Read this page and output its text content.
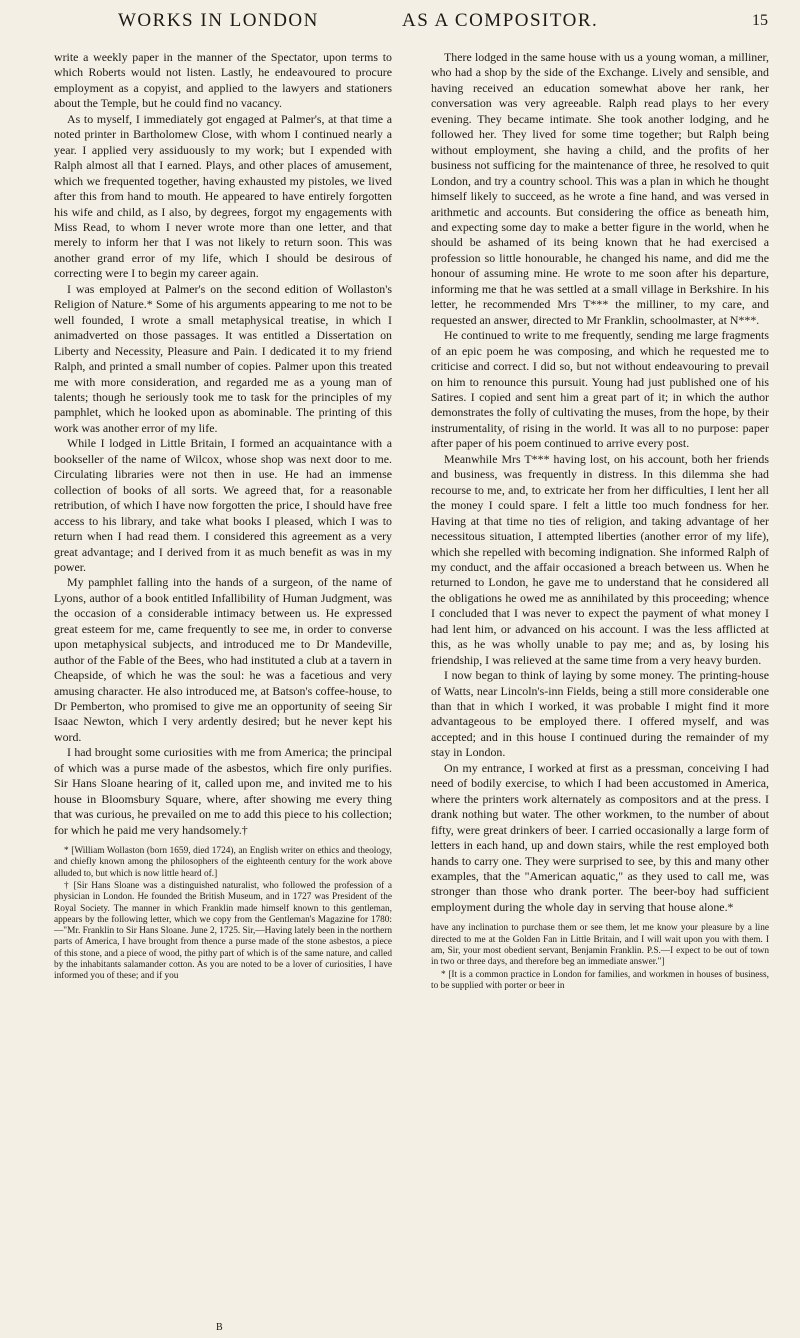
WORKS IN LONDON	AS A COMPOSITOR.	15

write a weekly paper in the manner of the Spectator, upon terms to which Roberts would not listen. Lastly, he endeavoured to procure employment as a copyist, and applied to the lawyers and stationers about the Temple, but he could find no vacancy.

As to myself, I immediately got engaged at Palmer's, at that time a noted printer in Bartholomew Close, with whom I continued nearly a year. I applied very assiduously to my work; but I expended with Ralph almost all that I earned. Plays, and other places of amusement, which we frequented together, having exhausted my pistoles, we lived after this from hand to mouth. He appeared to have entirely forgotten his wife and child, as I also, by degrees, forgot my engagements with Miss Read, to whom I never wrote more than one letter, and that merely to inform her that I was not likely to return soon. This was another grand error of my life, which I should be desirous of correcting were I to begin my career again.

I was employed at Palmer's on the second edition of Wollaston's Religion of Nature.* Some of his arguments appearing to me not to be well founded, I wrote a small metaphysical treatise, in which I animadverted on those passages. It was entitled a Dissertation on Liberty and Necessity, Pleasure and Pain. I dedicated it to my friend Ralph, and printed a small number of copies. Palmer upon this treated me with more consideration, and regarded me as a young man of talents; though he seriously took me to task for the principles of my pamphlet, which he looked upon as abominable. The printing of this work was another error of my life.

While I lodged in Little Britain, I formed an acquaintance with a bookseller of the name of Wilcox, whose shop was next door to me. Circulating libraries were not then in use. He had an immense collection of books of all sorts. We agreed that, for a reasonable retribution, of which I have now forgotten the price, I should have free access to his library, and take what books I pleased, which I was to return when I had read them. I considered this agreement as a very great advantage; and I derived from it as much benefit as was in my power.

My pamphlet falling into the hands of a surgeon, of the name of Lyons, author of a book entitled Infallibility of Human Judgment, was the occasion of a considerable intimacy between us. He expressed great esteem for me, came frequently to see me, in order to converse upon metaphysical subjects, and introduced me to Dr Mandeville, author of the Fable of the Bees, who had instituted a club at a tavern in Cheapside, of which he was the soul: he was a facetious and very amusing character. He also introduced me, at Batson's coffee-house, to Dr Pemberton, who promised to give me an opportunity of seeing Sir Isaac Newton, which I very ardently desired; but he never kept his word.

I had brought some curiosities with me from America; the principal of which was a purse made of the asbestos, which fire only purifies. Sir Hans Sloane hearing of it, called upon me, and invited me to his house in Bloomsbury Square, where, after showing me every thing that was curious, he prevailed on me to add this piece to his collection; for which he paid me very handsomely.†

* [William Wollaston (born 1659, died 1724), an English writer on ethics and theology, and chiefly known among the philosophers of the eighteenth century for the work above alluded to, but which is now little heard of.]

† [Sir Hans Sloane was a distinguished naturalist, who followed the profession of a physician in London. He founded the British Museum, and in 1727 was President of the Royal Society. The manner in which Franklin made himself known to this gentleman, appears by the following letter, which we copy from the Gentleman's Magazine for 1780:—"Mr. Franklin to Sir Hans Sloane. June 2, 1725. Sir,—Having lately been in the northern parts of America, I have brought from thence a purse made of the stone asbestos, a piece of this stone, and a piece of wood, the pithy part of which is of the same nature, and called by the inhabitants salamander cotton. As you are noted to be a lover of curiosities, I have informed you of these; and if you

There lodged in the same house with us a young woman, a milliner, who had a shop by the side of the Exchange. Lively and sensible, and having received an education somewhat above her rank, her conversation was very agreeable. Ralph read plays to her every evening. They became intimate. She took another lodging, and he followed her. They lived for some time together; but Ralph being without employment, she having a child, and the profits of her business not sufficing for the maintenance of three, he resolved to quit London, and try a country school. This was a plan in which he thought himself likely to succeed, as he wrote a fine hand, and was versed in arithmetic and accounts. But considering the office as beneath him, and expecting some day to make a better figure in the world, when he should be ashamed of its being known that he had exercised a profession so little honourable, he changed his name, and did me the honour of assuming mine. He wrote to me soon after his departure, informing me that he was settled at a small village in Berkshire. In his letter, he recommended Mrs T*** the milliner, to my care, and requested an answer, directed to Mr Franklin, schoolmaster, at N***.

He continued to write to me frequently, sending me large fragments of an epic poem he was composing, and which he requested me to criticise and correct. I did so, but not without endeavouring to prevail on him to renounce this pursuit. Young had just published one of his Satires. I copied and sent him a great part of it; in which the author demonstrates the folly of cultivating the muses, from the hope, by their instrumentality, of rising in the world. It was all to no purpose: paper after paper of his poem continued to arrive every post.

Meanwhile Mrs T*** having lost, on his account, both her friends and business, was frequently in distress. In this dilemma she had recourse to me, and, to extricate her from her difficulties, I lent her all the money I could spare. I felt a little too much fondness for her. Having at that time no ties of religion, and taking advantage of her necessitous situation, I attempted liberties (another error of my life), which she repelled with becoming indignation. She informed Ralph of my conduct, and the affair occasioned a breach between us. When he returned to London, he gave me to understand that he considered all the obligations he owed me as annihilated by this proceeding; whence I concluded that I was never to expect the payment of what money I had lent him, or advanced on his account. I was the less afflicted at this, as he was wholly unable to pay me; and as, by losing his friendship, I was relieved at the same time from a very heavy burden.

I now began to think of laying by some money. The printing-house of Watts, near Lincoln's-inn Fields, being a still more considerable one than that in which I worked, it was probable I might find it more advantageous to be employed there. I offered myself, and was accepted; and in this house I continued during the remainder of my stay in London.

On my entrance, I worked at first as a pressman, conceiving I had need of bodily exercise, to which I had been accustomed in America, where the printers work alternately as compositors and at the press. I drank nothing but water. The other workmen, to the number of about fifty, were great drinkers of beer. I carried occasionally a large form of letters in each hand, up and down stairs, while the rest employed both hands to carry one. They were surprised to see, by this and many other examples, that the "American aquatic," as they used to call me, was stronger than those who drank porter. The beer-boy had sufficient employment during the whole day in serving that house alone.*

have any inclination to purchase them or see them, let me know your pleasure by a line directed to me at the Golden Fan in Little Britain, and I will wait upon you with them. I am, Sir, your most obedient servant, Benjamin Franklin. P.S.—I expect to be out of town in two or three days, and therefore beg an immediate answer."]

* [It is a common practice in London for families, and workmen in houses of business, to be supplied with porter or beer in

B
